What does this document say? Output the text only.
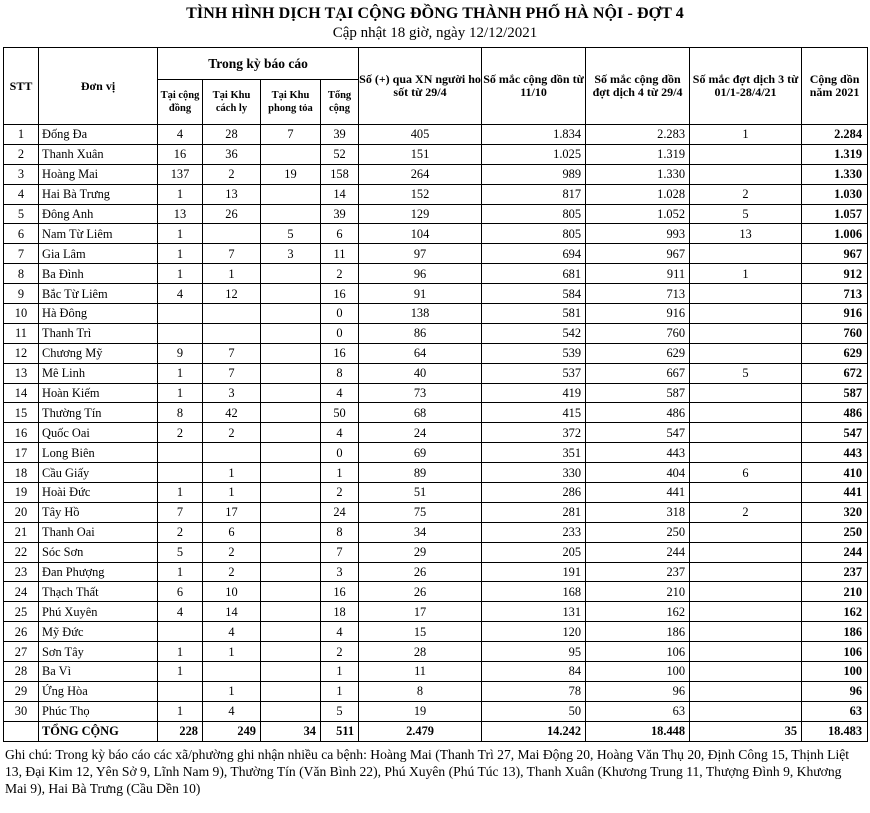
TÌNH HÌNH DỊCH TẠI CỘNG ĐỒNG THÀNH PHỐ HÀ NỘI - ĐỢT 4
Cập nhật 18 giờ, ngày 12/12/2021
STT	Đơn vị	Trong kỳ báo cáo				Số (+) qua XN người ho sốt từ 29/4	Số mắc cộng dồn từ 11/10	Số mắc cộng dồn đợt dịch 4 từ 29/4	Số mắc đợt dịch 3 từ 01/1-28/4/21	Cộng dồn năm 2021
		Tại cộng đồng	Tại Khu cách ly	Tại Khu phong tỏa	Tổng cộng					
1	Đống Đa	4	28	7	39	405	1.834	2.283	1	2.284
2	Thanh Xuân	16	36		52	151	1.025	1.319		1.319
3	Hoàng Mai	137	2	19	158	264	989	1.330		1.330
4	Hai Bà Trưng	1	13		14	152	817	1.028	2	1.030
5	Đông Anh	13	26		39	129	805	1.052	5	1.057
6	Nam Từ Liêm	1		5	6	104	805	993	13	1.006
7	Gia Lâm	1	7	3	11	97	694	967		967
8	Ba Đình	1	1		2	96	681	911	1	912
9	Bắc Từ Liêm	4	12		16	91	584	713		713
10	Hà Đông				0	138	581	916		916
11	Thanh Trì				0	86	542	760		760
12	Chương Mỹ	9	7		16	64	539	629		629
13	Mê Linh	1	7		8	40	537	667	5	672
14	Hoàn Kiếm	1	3		4	73	419	587		587
15	Thường Tín	8	42		50	68	415	486		486
16	Quốc Oai	2	2		4	24	372	547		547
17	Long Biên				0	69	351	443		443
18	Cầu Giấy		1		1	89	330	404	6	410
19	Hoài Đức	1	1		2	51	286	441		441
20	Tây Hồ	7	17		24	75	281	318	2	320
21	Thanh Oai	2	6		8	34	233	250		250
22	Sóc Sơn	5	2		7	29	205	244		244
23	Đan Phượng	1	2		3	26	191	237		237
24	Thạch Thất	6	10		16	26	168	210		210
25	Phú Xuyên	4	14		18	17	131	162		162
26	Mỹ Đức		4		4	15	120	186		186
27	Sơn Tây	1	1		2	28	95	106		106
28	Ba Vì	1			1	11	84	100		100
29	Ứng Hòa		1		1	8	78	96		96
30	Phúc Thọ	1	4		5	19	50	63		63
	TỔNG CỘNG	228	249	34	511	2.479	14.242	18.448	35	18.483
Ghi chú: Trong kỳ báo cáo các xã/phường ghi nhận nhiều ca bệnh: Hoàng Mai (Thanh Trì 27, Mai Động 20, Hoàng Văn Thụ 20, Định Công 15, Thịnh Liệt 13, Đại Kim 12, Yên Sở 9, Lĩnh Nam 9), Thường Tín (Văn Bình 22), Phú Xuyên (Phú Túc 13), Thanh Xuân (Khương Trung 11, Thượng Đình 9, Khương Mai 9), Hai Bà Trưng (Cầu Dền 10)
